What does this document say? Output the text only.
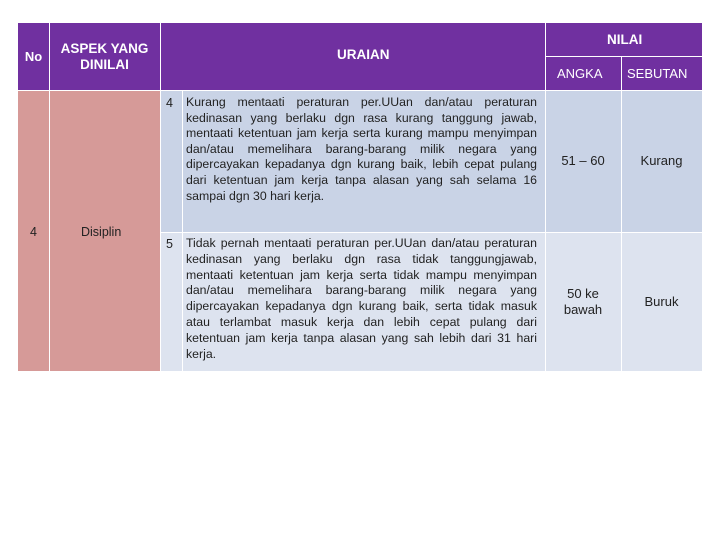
No
ASPEK YANG DINILAI
URAIAN
NILAI
ANGKA SEBUTAN
4	Disiplin
4 Kurang mentaati peraturan per.UUan dan/atau peraturan kedinasan yang berlaku dgn rasa kurang tanggung jawab, mentaati ketentuan jam kerja serta kurang mampu menyimpan dan/atau memelihara barang-barang milik negara yang dipercayakan kepadanya dgn kurang baik, lebih cepat pulang dari ketentuan jam kerja tanpa alasan yang sah selama 16 sampai dgn 30 hari kerja.
51 – 60	Kurang
5 Tidak pernah mentaati peraturan per.UUan dan/atau peraturan kedinasan yang berlaku dgn rasa tidak tanggungjawab, mentaati ketentuan jam kerja serta tidak mampu menyimpan dan/atau memelihara barang-barang milik negara yang dipercayakan kepadanya dgn kurang baik, serta tidak masuk atau terlambat masuk kerja dan lebih cepat pulang dari ketentuan jam kerja tanpa alasan yang sah lebih dari 31 hari kerja.
50 ke bawah
Buruk
